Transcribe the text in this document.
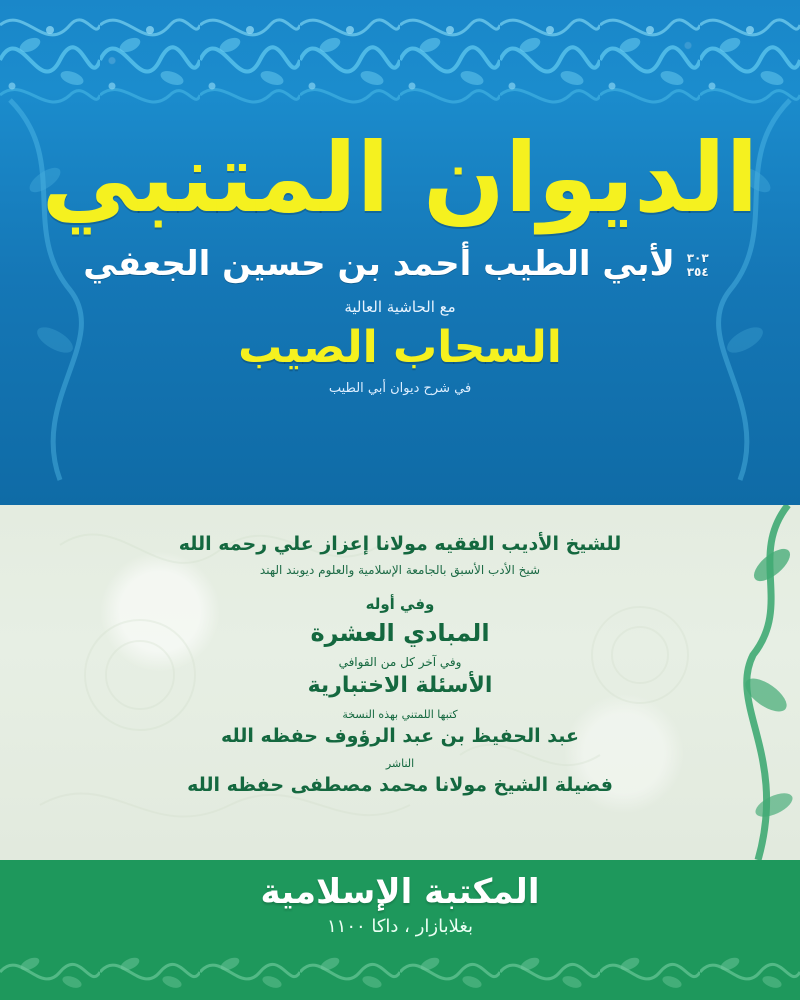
الديوان المتنبي
٣٠٣
٣٥٤ لأبي الطيب أحمد بن حسين الجعفي
مع الحاشية العالية
السحاب الصيب
في شرح ديوان أبي الطيب
للشيخ الأديب الفقيه مولانا إعزاز علي رحمه الله
شيخ الأدب الأسبق بالجامعة الإسلامية والعلوم ديوبند الهند
وفي أوله
المبادي العشرة
وفي آخر كل من القوافي
الأسئلة الاختبارية
كتبها اللمتني بهذه النسخة
عبد الحفيظ بن عبد الرؤوف حفظه الله
الناشر
فضيلة الشيخ مولانا محمد مصطفى حفظه الله
المكتبة الإسلامية
بغلابازار ، داكا ١١٠٠
